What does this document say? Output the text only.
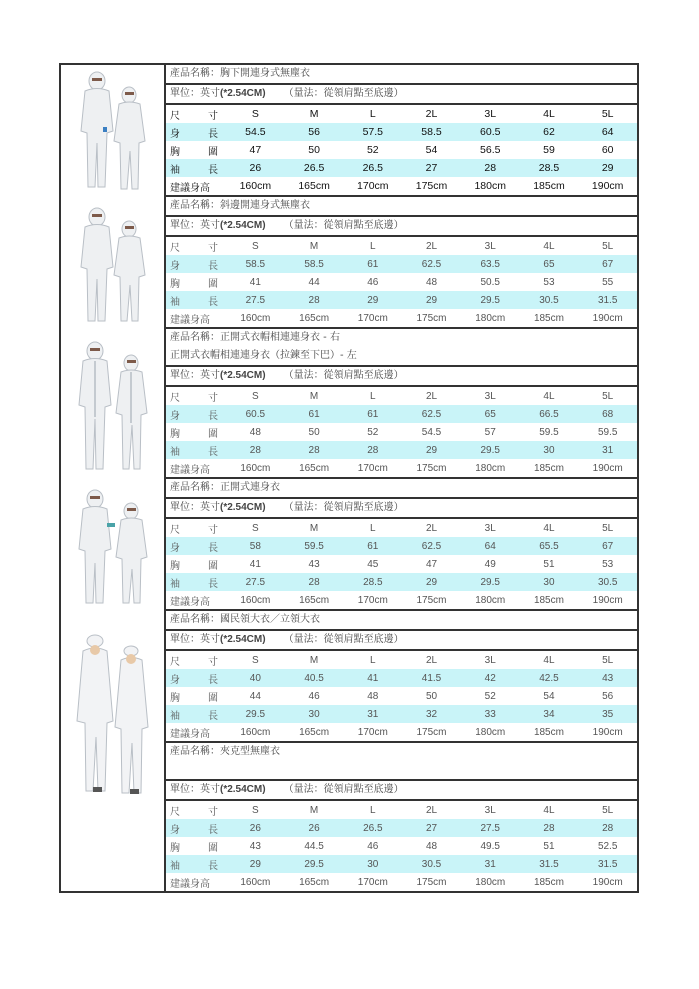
產品名稱：胸下開連身式無塵衣
單位：英寸(*2.54CM) （量法：從領肩點至底邊）
尺	寸	S	M	L	2L	3L	4L	5L
身	長	54.5	56	57.5	58.5	60.5	62	64
胸	圍	47	50	52	54	56.5	59	60
袖	長	26	26.5	26.5	27	28	28.5	29
建議身高	160cm	165cm	170cm	175cm	180cm	185cm	190cm
產品名稱：斜邊開連身式無塵衣
單位：英寸(*2.54CM) （量法：從領肩點至底邊）
尺	寸	S	M	L	2L	3L	4L	5L
身	長	58.5	58.5	61	62.5	63.5	65	67
胸	圍	41	44	46	48	50.5	53	55
袖	長	27.5	28	29	29	29.5	30.5	31.5
建議身高	160cm	165cm	170cm	175cm	180cm	185cm	190cm
產品名稱：正開式衣帽相連連身衣 - 右
正開式衣帽相連連身衣（拉鍊至下巴）- 左
單位：英寸(*2.54CM) （量法：從領肩點至底邊）
尺	寸	S	M	L	2L	3L	4L	5L
身	長	60.5	61	61	62.5	65	66.5	68
胸	圍	48	50	52	54.5	57	59.5	59.5
袖	長	28	28	28	29	29.5	30	31
建議身高	160cm	165cm	170cm	175cm	180cm	185cm	190cm
產品名稱：正開式連身衣
單位：英寸(*2.54CM) （量法：從領肩點至底邊）
尺	寸	S	M	L	2L	3L	4L	5L
身	長	58	59.5	61	62.5	64	65.5	67
胸	圍	41	43	45	47	49	51	53
袖	長	27.5	28	28.5	29	29.5	30	30.5
建議身高	160cm	165cm	170cm	175cm	180cm	185cm	190cm
產品名稱：國民領大衣／立領大衣
單位：英寸(*2.54CM) （量法：從領肩點至底邊）
尺	寸	S	M	L	2L	3L	4L	5L
身	長	40	40.5	41	41.5	42	42.5	43
胸	圍	44	46	48	50	52	54	56
袖	長	29.5	30	31	32	33	34	35
建議身高	160cm	165cm	170cm	175cm	180cm	185cm	190cm
產品名稱：夾克型無塵衣
單位：英寸(*2.54CM) （量法：從領肩點至底邊）
尺	寸	S	M	L	2L	3L	4L	5L
身	長	26	26	26.5	27	27.5	28	28
胸	圍	43	44.5	46	48	49.5	51	52.5
袖	長	29	29.5	30	30.5	31	31.5	31.5
建議身高	160cm	165cm	170cm	175cm	180cm	185cm	190cm
